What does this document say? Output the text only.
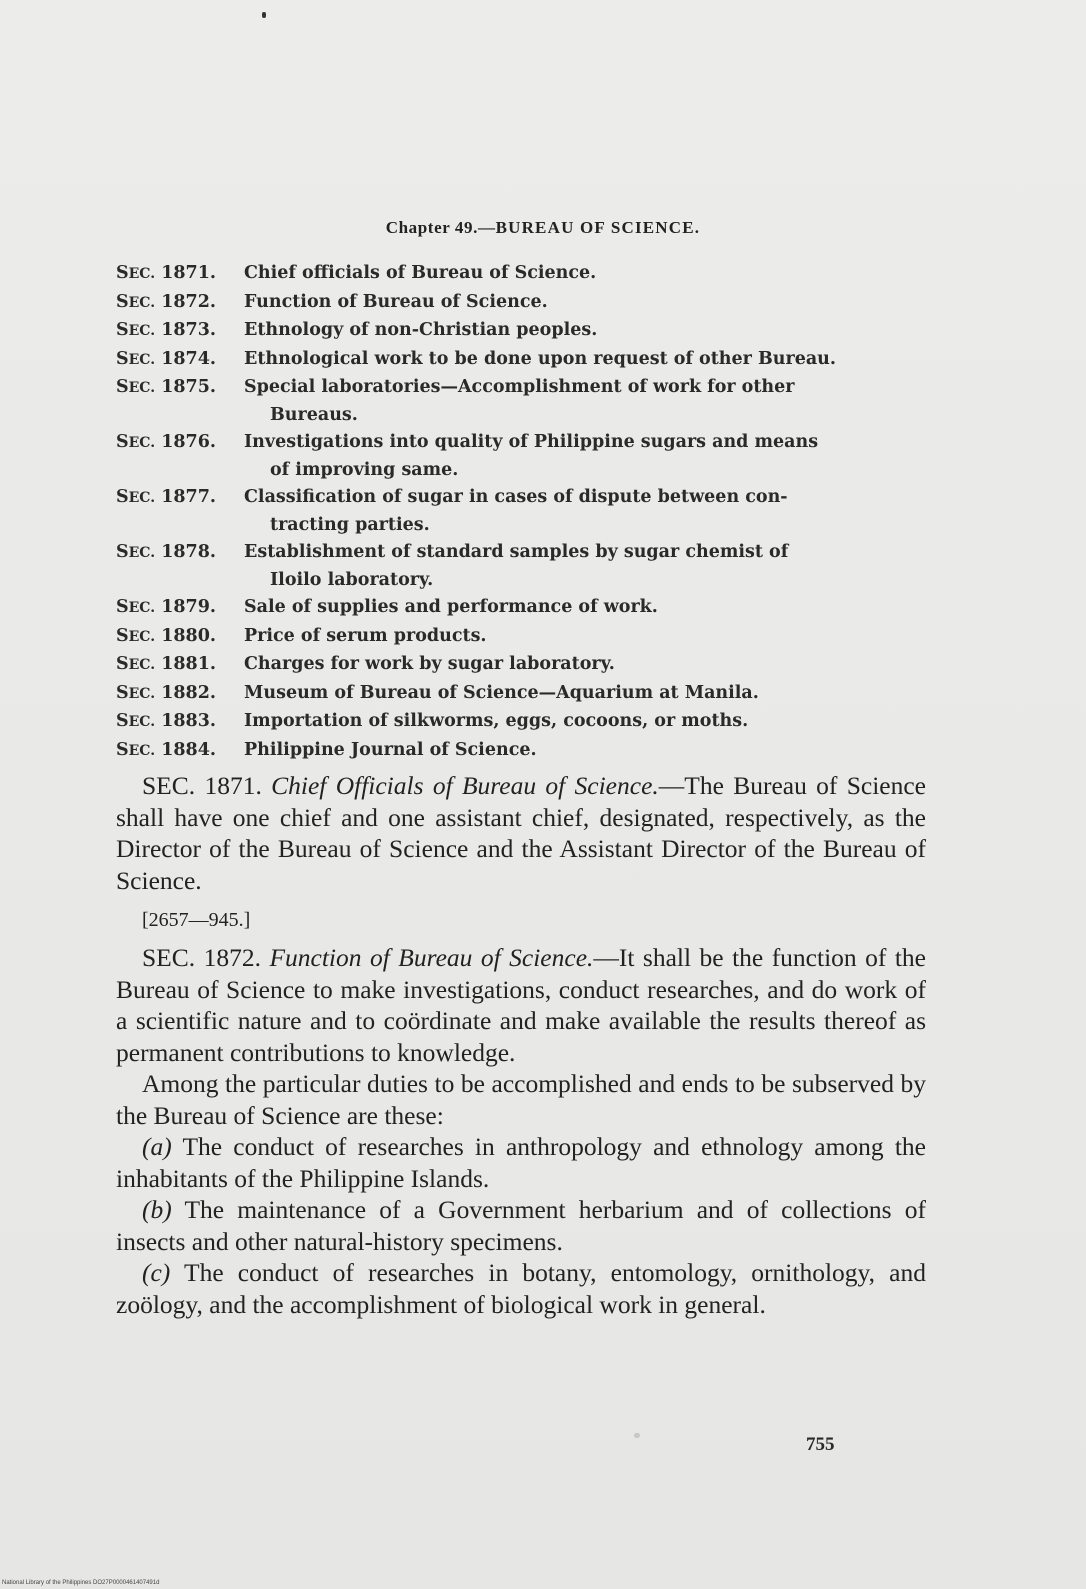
Chapter 49.—BUREAU OF SCIENCE.
SEC. 1871.	Chief officials of Bureau of Science.
SEC. 1872.	Function of Bureau of Science.
SEC. 1873.	Ethnology of non-Christian peoples.
SEC. 1874.	Ethnological work to be done upon request of other Bureau.
SEC. 1875.	Special laboratories—Accomplishment of work for other
Bureaus.
SEC. 1876.	Investigations into quality of Philippine sugars and means
of improving same.
SEC. 1877.	Classification of sugar in cases of dispute between con-
tracting parties.
SEC. 1878.	Establishment of standard samples by sugar chemist of
Iloilo laboratory.
SEC. 1879.	Sale of supplies and performance of work.
SEC. 1880.	Price of serum products.
SEC. 1881.	Charges for work by sugar laboratory.
SEC. 1882.	Museum of Bureau of Science—Aquarium at Manila.
SEC. 1883.	Importation of silkworms, eggs, cocoons, or moths.
SEC. 1884.	Philippine Journal of Science.

SEC. 1871. Chief Officials of Bureau of Science.—The Bureau of Science shall have one chief and one assistant chief, designated, respectively, as the Director of the Bureau of Science and the Assistant Director of the Bureau of Science.

[2657—945.]

SEC. 1872. Function of Bureau of Science.—It shall be the function of the Bureau of Science to make investigations, conduct researches, and do work of a scientific nature and to coördinate and make available the results thereof as permanent contributions to knowledge.

Among the particular duties to be accomplished and ends to be subserved by the Bureau of Science are these:

(a) The conduct of researches in anthropology and ethnology among the inhabitants of the Philippine Islands.

(b) The maintenance of a Government herbarium and of collections of insects and other natural-history specimens.

(c) The conduct of researches in botany, entomology, ornithology, and zoölogy, and the accomplishment of biological work in general.

755
National Library of the Philippines DO27P0000461407491d
